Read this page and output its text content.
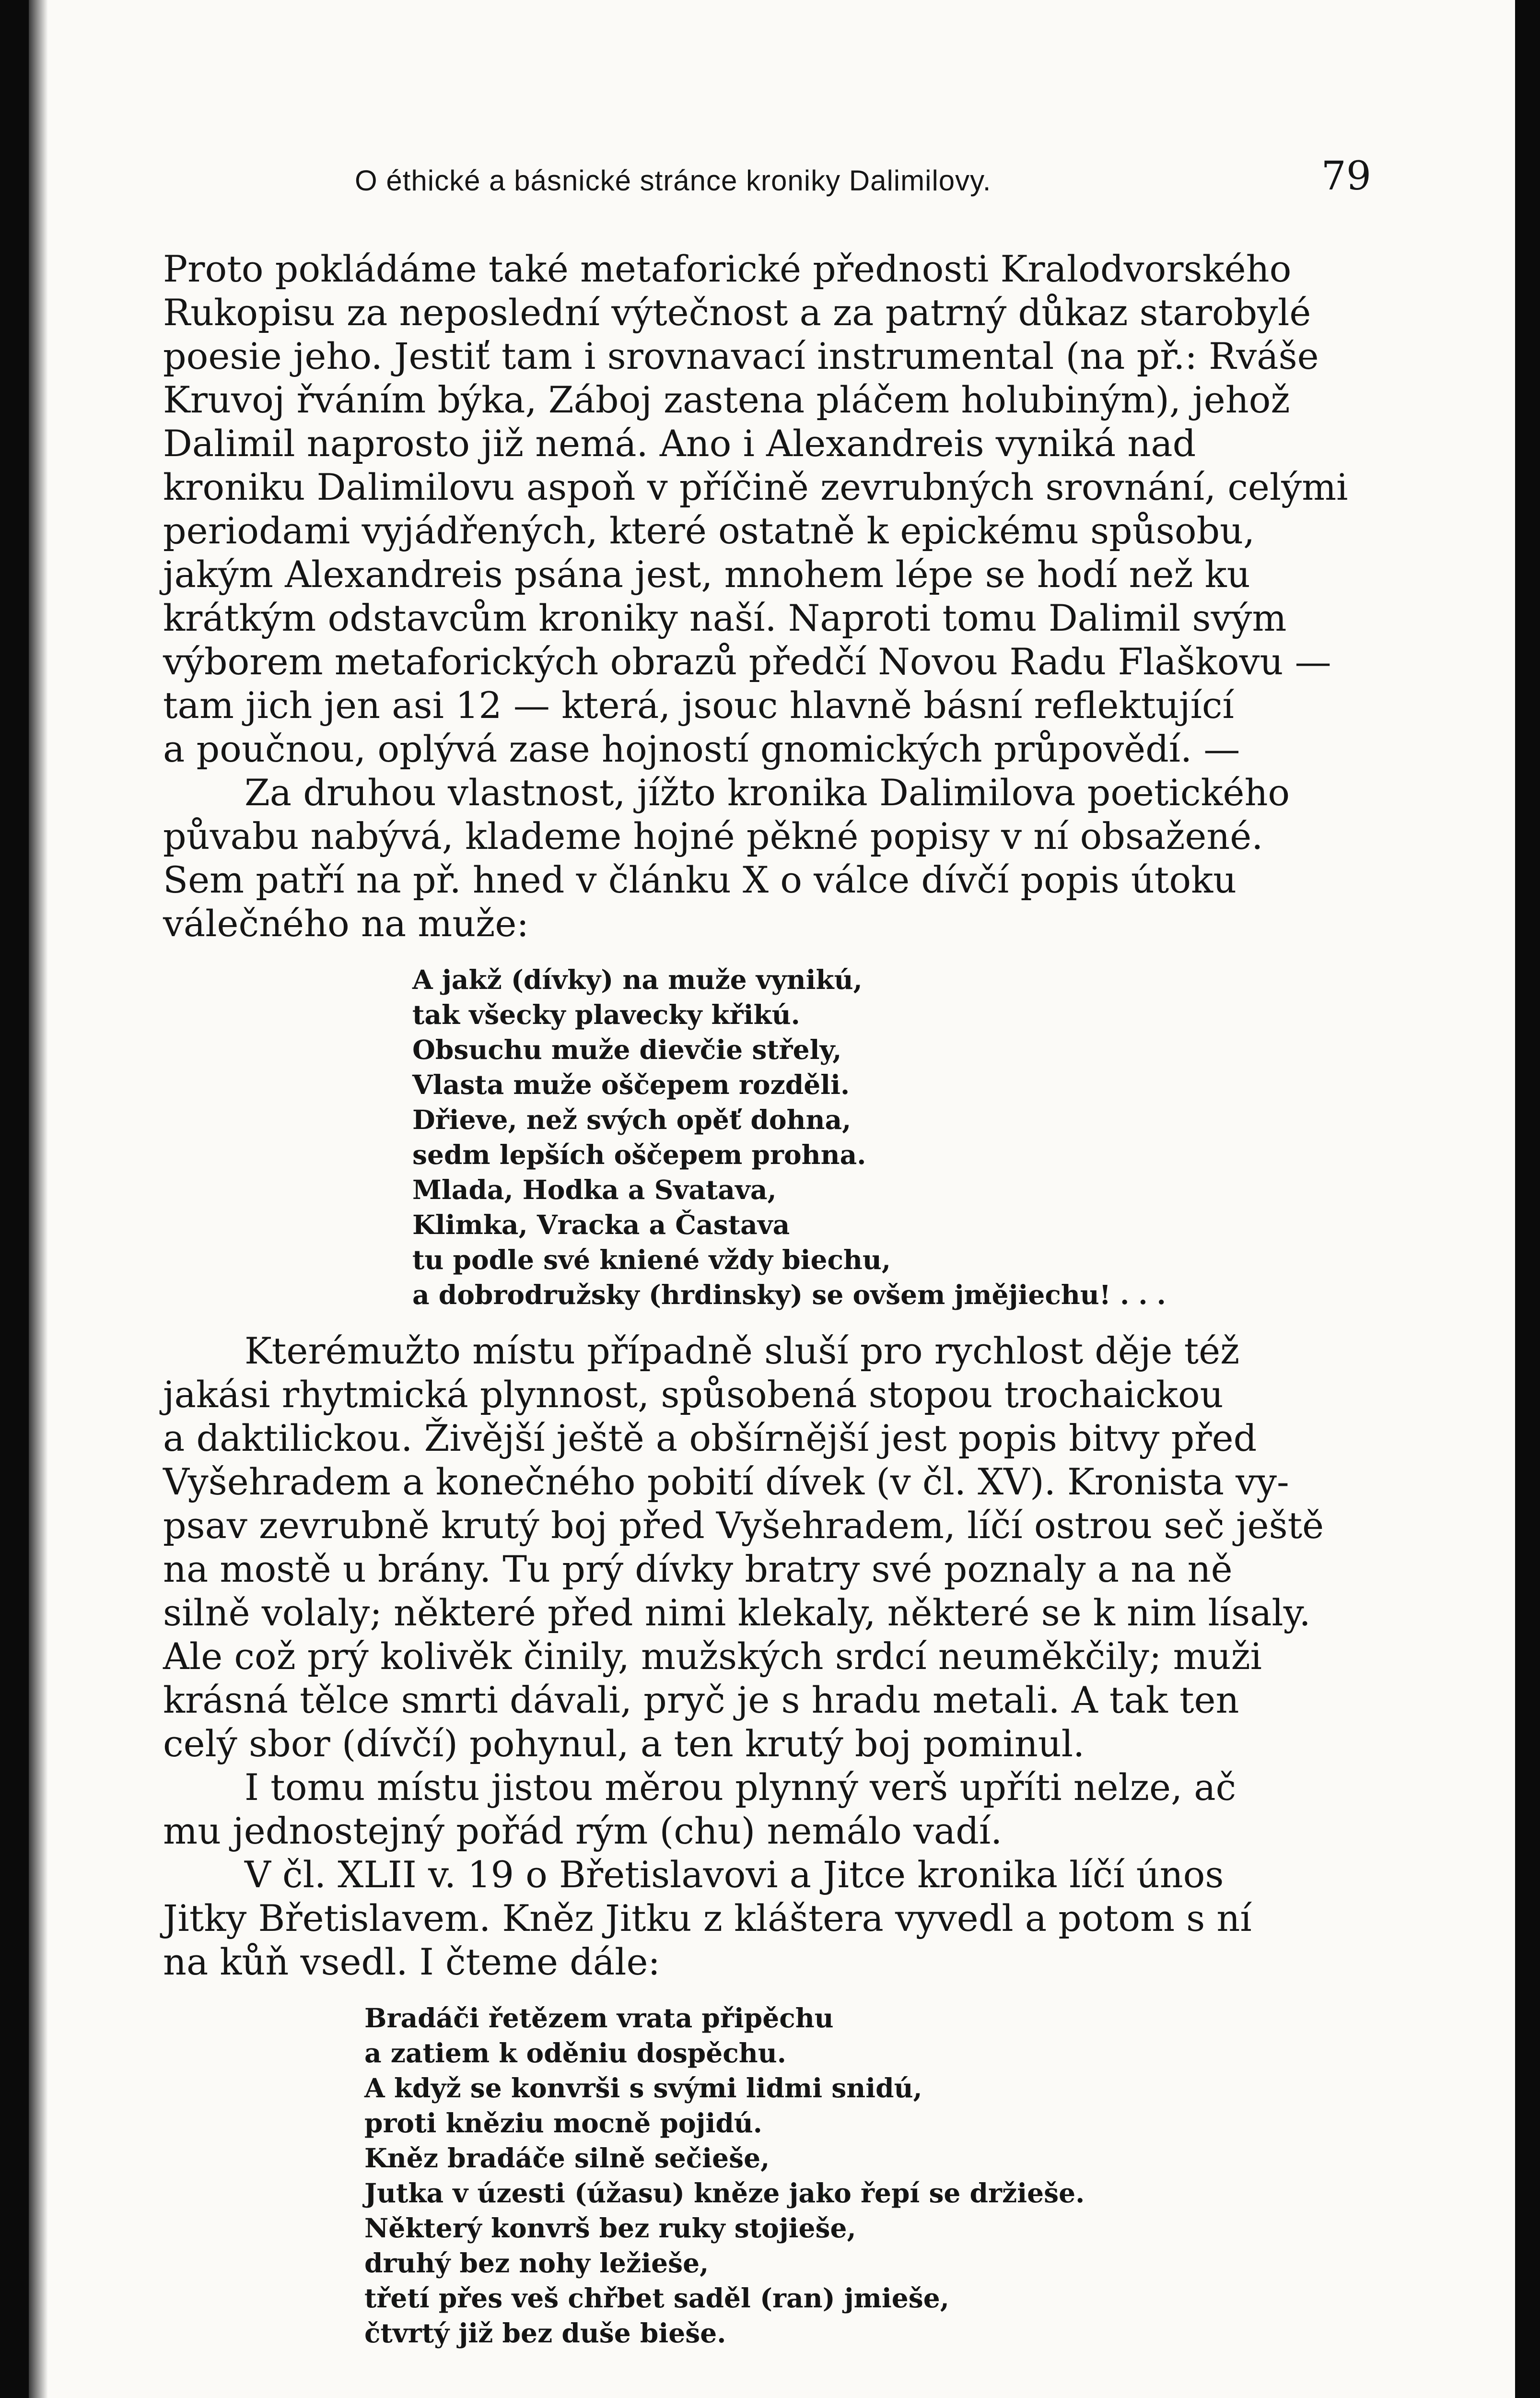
O éthické a básnické stránce kroniky Dalimilovy.	79
Proto pokládáme také metaforické přednosti Kralodvorského
Rukopisu za neposlední výtečnost a za patrný důkaz starobylé
poesie jeho. Jestiť tam i srovnavací instrumental (na př.: Rváše
Kruvoj řváním býka, Záboj zastena pláčem holubiným), jehož
Dalimil naprosto již nemá. Ano i Alexandreis vyniká nad
kroniku Dalimilovu aspoň v příčině zevrubných srovnání, celými
periodami vyjádřených, které ostatně k epickému spůsobu,
jakým Alexandreis psána jest, mnohem lépe se hodí než ku
krátkým odstavcům kroniky naší. Naproti tomu Dalimil svým
výborem metaforických obrazů předčí Novou Radu Flaškovu —
tam jich jen asi 12 — která, jsouc hlavně básní reflektující
a poučnou, oplývá zase hojností gnomických průpovědí. —
Za druhou vlastnost, jížto kronika Dalimilova poetického
půvabu nabývá, klademe hojné pěkné popisy v ní obsažené.
Sem patří na př. hned v článku X o válce dívčí popis útoku
válečného na muže:
A jakž (dívky) na muže vynikú,
tak všecky plavecky křikú.
Obsuchu muže dievčie střely,
Vlasta muže oščepem rozděli.
Dřieve, než svých opěť dohna,
sedm lepších oščepem prohna.
Mlada, Hodka a Svatava,
Klimka, Vracka a Častava
tu podle své kniené vždy biechu,
a dobrodružsky (hrdinsky) se ovšem jmějiechu! . . .
Kterémužto místu případně sluší pro rychlost děje též
jakási rhytmická plynnost, spůsobená stopou trochaickou
a daktilickou. Živější ještě a obšírnější jest popis bitvy před
Vyšehradem a konečného pobití dívek (v čl. XV). Kronista vy-
psav zevrubně krutý boj před Vyšehradem, líčí ostrou seč ještě
na mostě u brány. Tu prý dívky bratry své poznaly a na ně
silně volaly; některé před nimi klekaly, některé se k nim lísaly.
Ale což prý kolivěk činily, mužských srdcí neuměkčily; muži
krásná tělce smrti dávali, pryč je s hradu metali. A tak ten
celý sbor (dívčí) pohynul, a ten krutý boj pominul.
I tomu místu jistou měrou plynný verš upříti nelze, ač
mu jednostejný pořád rým (chu) nemálo vadí.
V čl. XLII v. 19 o Břetislavovi a Jitce kronika líčí únos
Jitky Břetislavem. Kněz Jitku z kláštera vyvedl a potom s ní
na kůň vsedl. I čteme dále:
Bradáči řetězem vrata připěchu
a zatiem k oděniu dospěchu.
A když se konvrši s svými lidmi snidú,
proti kněziu mocně pojidú.
Kněz bradáče silně sečieše,
Jutka v úzesti (úžasu) kněze jako řepí se držieše.
Některý konvrš bez ruky stojieše,
druhý bez nohy ležieše,
třetí přes veš chřbet saděl (ran) jmieše,
čtvrtý již bez duše bieše.
